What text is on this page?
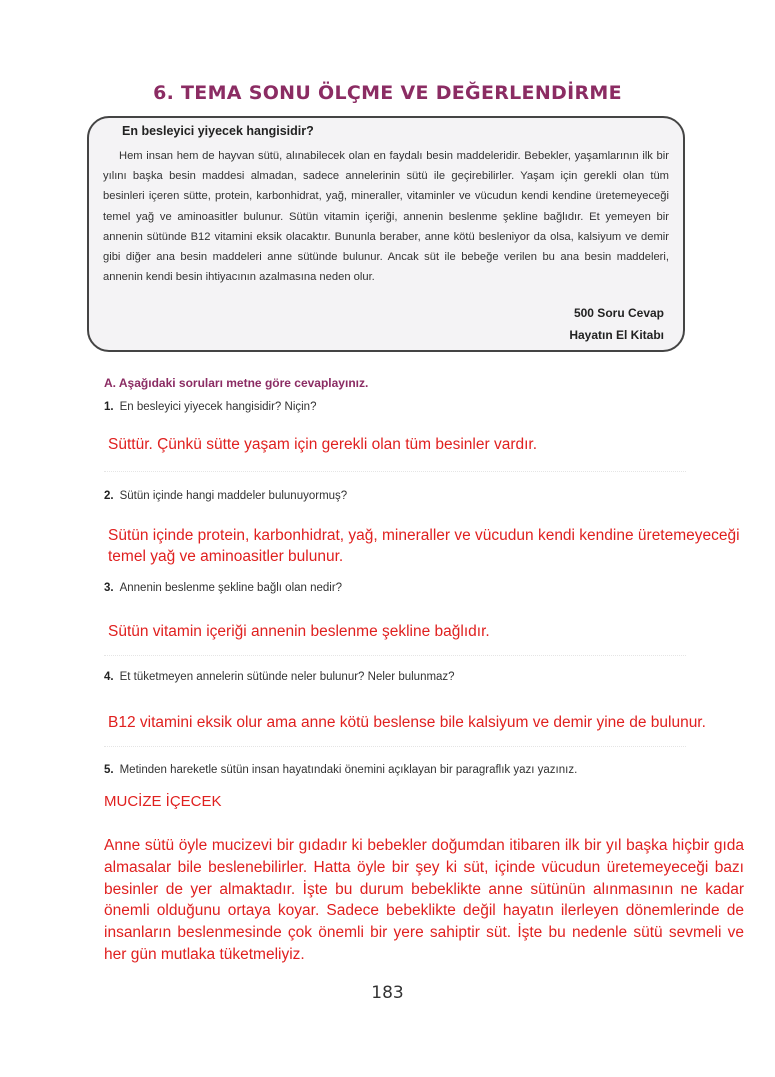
6. TEMA SONU ÖLÇME VE DEĞERLENDİRME
En besleyici yiyecek hangisidir?

Hem insan hem de hayvan sütü, alınabilecek olan en faydalı besin maddeleridir. Bebekler, yaşamlarının ilk bir yılını başka besin maddesi almadan, sadece annelerinin sütü ile geçirebilirler. Yaşam için gerekli olan tüm besinleri içeren sütte, protein, karbonhidrat, yağ, mineraller, vitaminler ve vücudun kendi kendine üretemeyeceği temel yağ ve aminoasitler bulunur. Sütün vitamin içeriği, annenin beslenme şekline bağlıdır. Et yemeyen bir annenin sütünde B12 vitamini eksik olacaktır. Bununla beraber, anne kötü besleniyor da olsa, kalsiyum ve demir gibi diğer ana besin maddeleri anne sütünde bulunur. Ancak süt ile bebeğe verilen bu ana besin maddeleri, annenin kendi besin ihtiyacının azalmasına neden olur.

500 Soru Cevap
Hayatın El Kitabı
A. Aşağıdaki soruları metne göre cevaplayınız.
1. En besleyici yiyecek hangisidir? Niçin?
Süttür. Çünkü sütte yaşam için gerekli olan tüm besinler vardır.
2. Sütün içinde hangi maddeler bulunuyormuş?
Sütün içinde protein, karbonhidrat, yağ, mineraller ve vücudun kendi kendine üretemeyeceği temel yağ ve aminoasitler bulunur.
3. Annenin beslenme şekline bağlı olan nedir?
Sütün vitamin içeriği annenin beslenme şekline bağlıdır.
4. Et tüketmeyen annelerin sütünde neler bulunur? Neler bulunmaz?
B12 vitamini eksik olur ama anne kötü beslense bile kalsiyum ve demir yine de bulunur.
5. Metinden hareketle sütün insan hayatındaki önemini açıklayan bir paragraflık yazı yazınız.
MUCİZE İÇECEK

Anne sütü öyle mucizevi bir gıdadır ki bebekler doğumdan itibaren ilk bir yıl başka hiçbir gıda almasalar bile beslenebilirler. Hatta öyle bir şey ki süt, içinde vücudun üretemeyeceği bazı besinler de yer almaktadır. İşte bu durum bebeklikte anne sütünün alınmasının ne kadar önemli olduğunu ortaya koyar. Sadece bebeklikte değil hayatın ilerleyen dönemlerinde de insanların beslenmesinde çok önemli bir yere sahiptir süt. İşte bu nedenle sütü sevmeli ve her gün mutlaka tüketmeliyiz.

183
